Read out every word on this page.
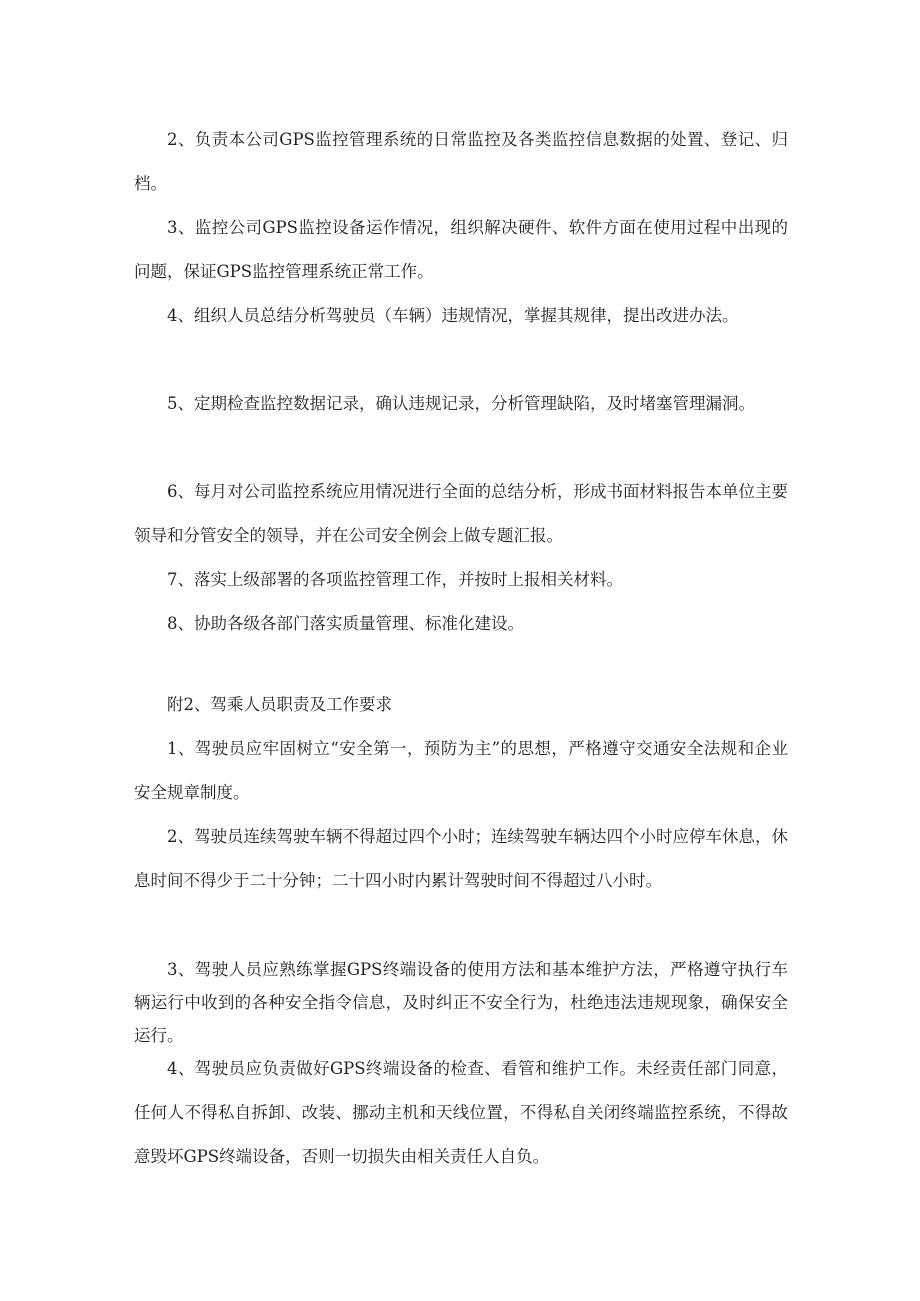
2、负责本公司GPS监控管理系统的日常监控及各类监控信息数据的处置、登记、归档。

3、监控公司GPS监控设备运作情况，组织解决硬件、软件方面在使用过程中出现的问题，保证GPS监控管理系统正常工作。

4、组织人员总结分析驾驶员（车辆）违规情况，掌握其规律，提出改进办法。

5、定期检查监控数据记录，确认违规记录，分析管理缺陷，及时堵塞管理漏洞。

6、每月对公司监控系统应用情况进行全面的总结分析，形成书面材料报告本单位主要领导和分管安全的领导，并在公司安全例会上做专题汇报。

7、落实上级部署的各项监控管理工作，并按时上报相关材料。

8、协助各级各部门落实质量管理、标准化建设。

附2、驾乘人员职责及工作要求

1、驾驶员应牢固树立“安全第一，预防为主”的思想，严格遵守交通安全法规和企业安全规章制度。

2、驾驶员连续驾驶车辆不得超过四个小时；连续驾驶车辆达四个小时应停车休息，休息时间不得少于二十分钟；二十四小时内累计驾驶时间不得超过八小时。

3、驾驶人员应熟练掌握GPS终端设备的使用方法和基本维护方法，严格遵守执行车辆运行中收到的各种安全指令信息，及时纠正不安全行为，杜绝违法违规现象，确保安全运行。

4、驾驶员应负责做好GPS终端设备的检查、看管和维护工作。未经责任部门同意，任何人不得私自拆卸、改装、挪动主机和天线位置，不得私自关闭终端监控系统，不得故意毁坏GPS终端设备，否则一切损失由相关责任人自负。
